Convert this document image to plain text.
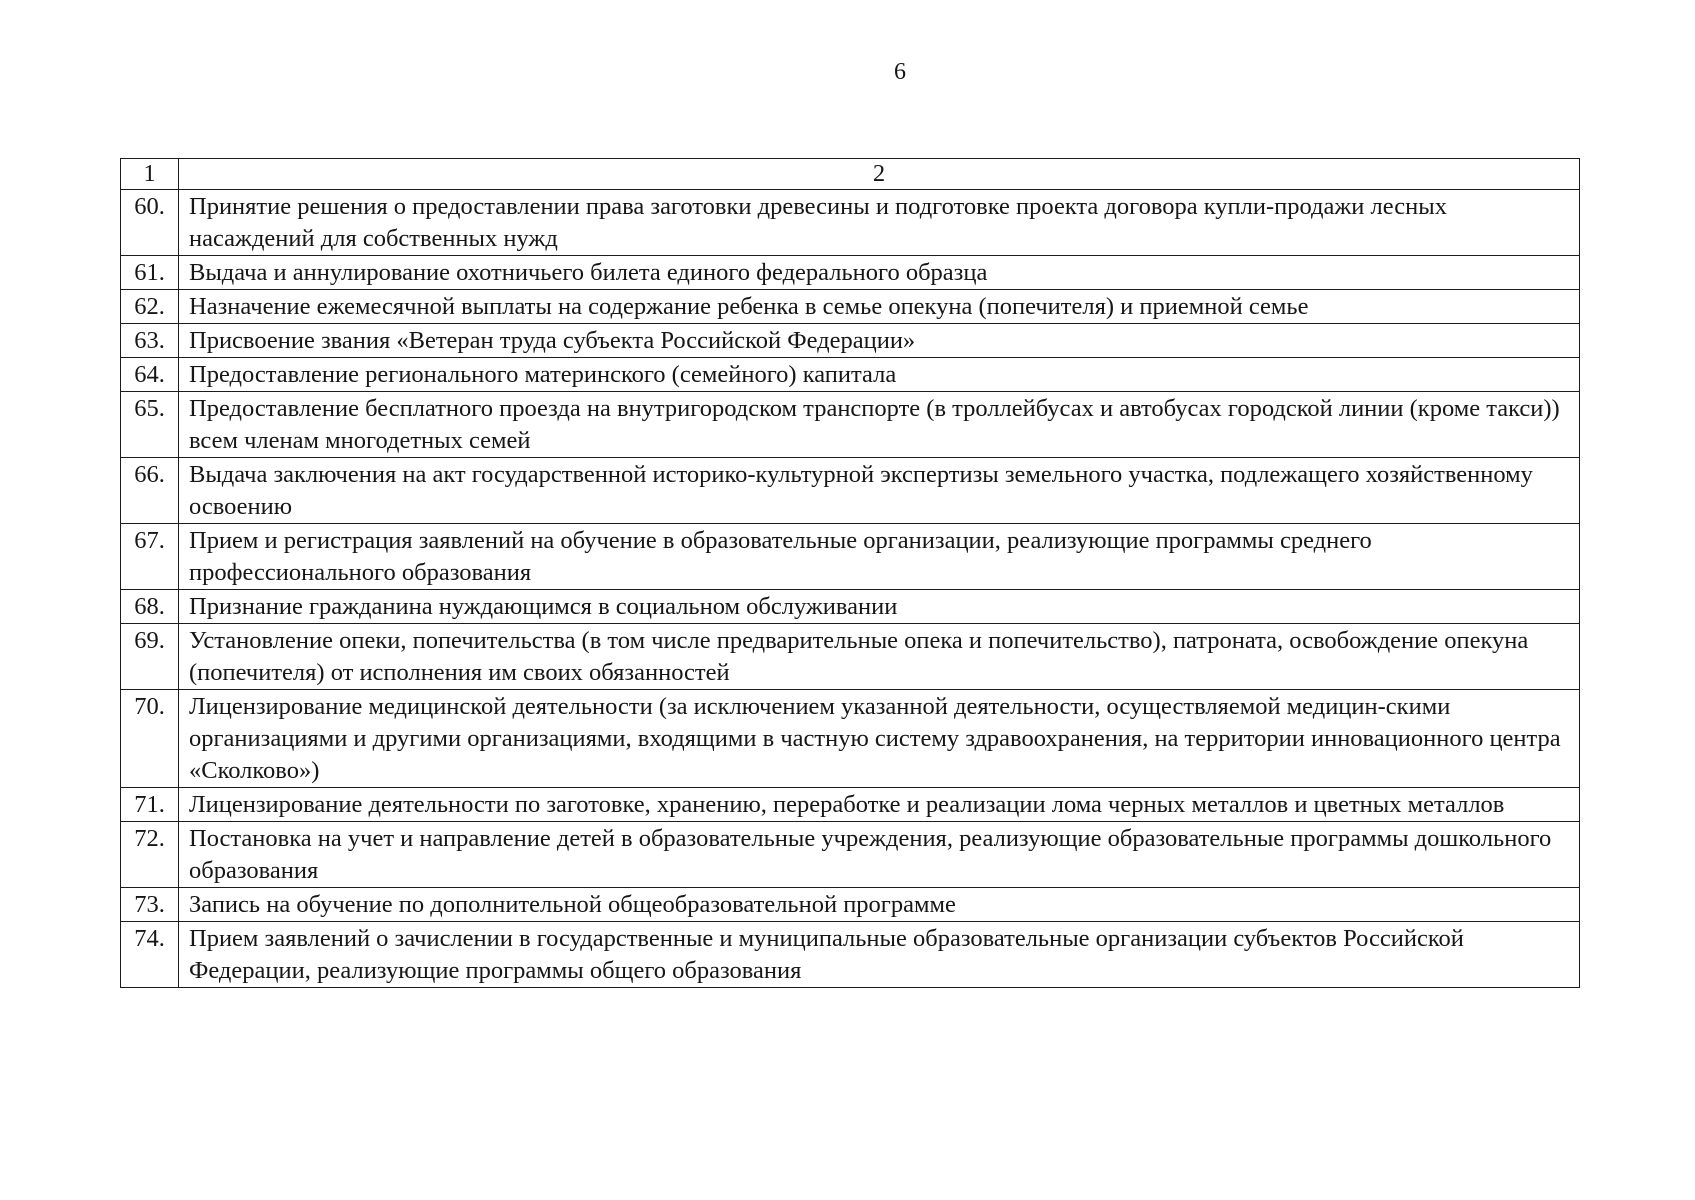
6
1	2
60.	Принятие решения о предоставлении права заготовки древесины и подготовке проекта договора купли-продажи лесных насаждений для собственных нужд
61.	Выдача и аннулирование охотничьего билета единого федерального образца
62.	Назначение ежемесячной выплаты на содержание ребенка в семье опекуна (попечителя) и приемной семье
63.	Присвоение звания «Ветеран труда субъекта Российской Федерации»
64.	Предоставление регионального материнского (семейного) капитала
65.	Предоставление бесплатного проезда на внутригородском транспорте (в троллейбусах и автобусах городской линии (кроме такси)) всем членам многодетных семей
66.	Выдача заключения на акт государственной историко-культурной экспертизы земельного участка, подлежащего хозяйственному освоению
67.	Прием и регистрация заявлений на обучение в образовательные организации, реализующие программы среднего профессионального образования
68.	Признание гражданина нуждающимся в социальном обслуживании
69.	Установление опеки, попечительства (в том числе предварительные опека и попечительство), патроната, освобождение опекуна (попечителя) от исполнения им своих обязанностей
70.	Лицензирование медицинской деятельности (за исключением указанной деятельности, осуществляемой медицин-скими организациями и другими организациями, входящими в частную систему здравоохранения, на территории инновационного центра «Сколково»)
71.	Лицензирование деятельности по заготовке, хранению, переработке и реализации лома черных металлов и цветных металлов
72.	Постановка на учет и направление детей в образовательные учреждения, реализующие образовательные программы дошкольного образования
73.	Запись на обучение по дополнительной общеобразовательной программе
74.	Прием заявлений о зачислении в государственные и муниципальные образовательные организации субъектов Российской Федерации, реализующие программы общего образования
